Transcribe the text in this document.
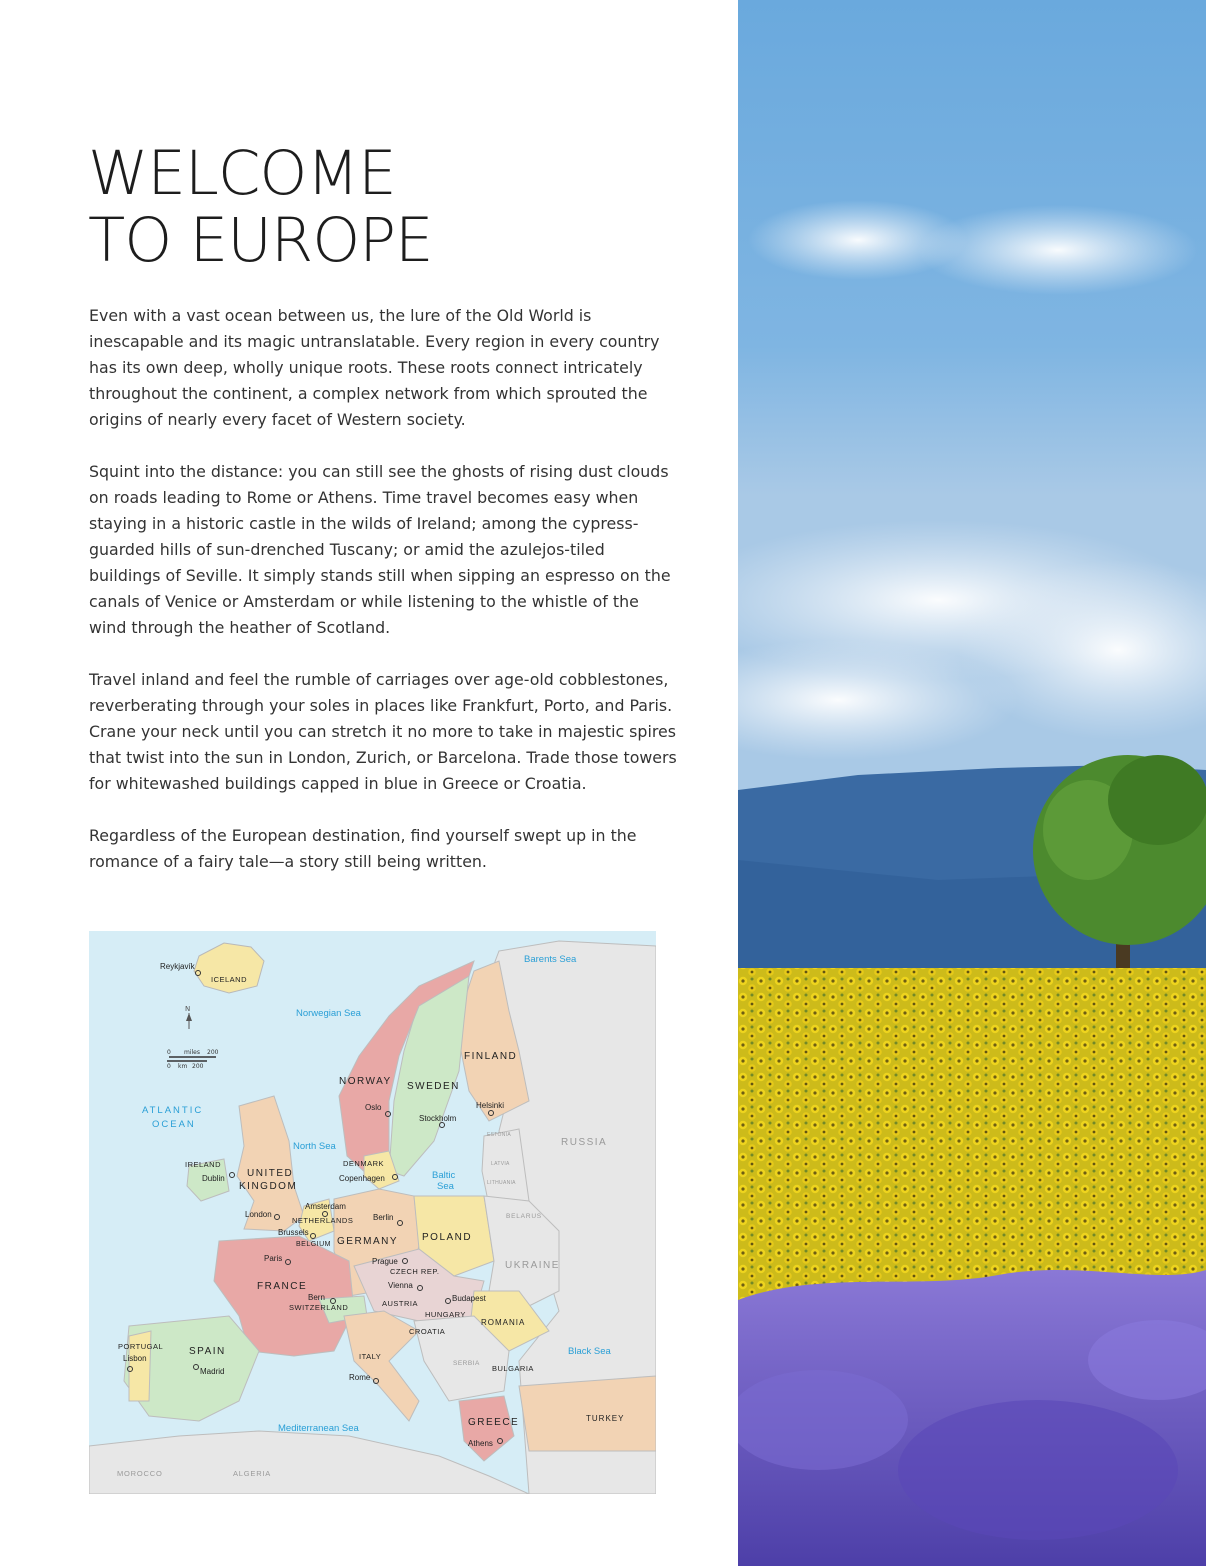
WELCOME
TO EUROPE

Even with a vast ocean between us, the lure of the Old World is inescapable and its magic untranslatable. Every region in every country has its own deep, wholly unique roots. These roots connect intricately throughout the continent, a complex network from which sprouted the origins of nearly every facet of Western society.

Squint into the distance: you can still see the ghosts of rising dust clouds on roads leading to Rome or Athens. Time travel becomes easy when staying in a historic castle in the wilds of Ireland; among the cypress-guarded hills of sun-drenched Tuscany; or amid the azulejos-tiled buildings of Seville. It simply stands still when sipping an espresso on the canals of Venice or Amsterdam or while listening to the whistle of the wind through the heather of Scotland.

Travel inland and feel the rumble of carriages over age-old cobblestones, reverberating through your soles in places like Frankfurt, Porto, and Paris. Crane your neck until you can stretch it no more to take in majestic spires that twist into the sun in London, Zurich, or Barcelona. Trade those towers for whitewashed buildings capped in blue in Greece or Croatia.

Regardless of the European destination, find yourself swept up in the romance of a fairy tale—a story still being written.

N
0 miles 200
0 km 200
Barents Sea
Norwegian Sea
ATLANTIC
OCEAN
North Sea
Baltic
Sea
Black Sea
Mediterranean Sea
ICELAND
FINLAND
NORWAY SWEDEN
RUSSIA
ESTONIA
LATVIA
LITHUANIA
BELARUS
UKRAINE
IRELAND
UNITED
KINGDOM
DENMARK
NETHERLANDS
BELGIUM GERMANY POLAND
CZECH REP.
FRANCE
SWITZERLAND	AUSTRIA
HUNGARY
ROMANIA
CROATIA
SERBIA
BULGARIA
PORTUGAL	SPAIN	ITALY
GREECE	TURKEY
MOROCCO	ALGERIA
Reykjavík
Oslo
Stockholm
Helsinki
Dublin	Copenhagen
Amsterdam
London	Berlin
Brussels
Paris	Prague
Vienna
Budapest
Bern
Lisbon
Madrid
Rome
Athens
